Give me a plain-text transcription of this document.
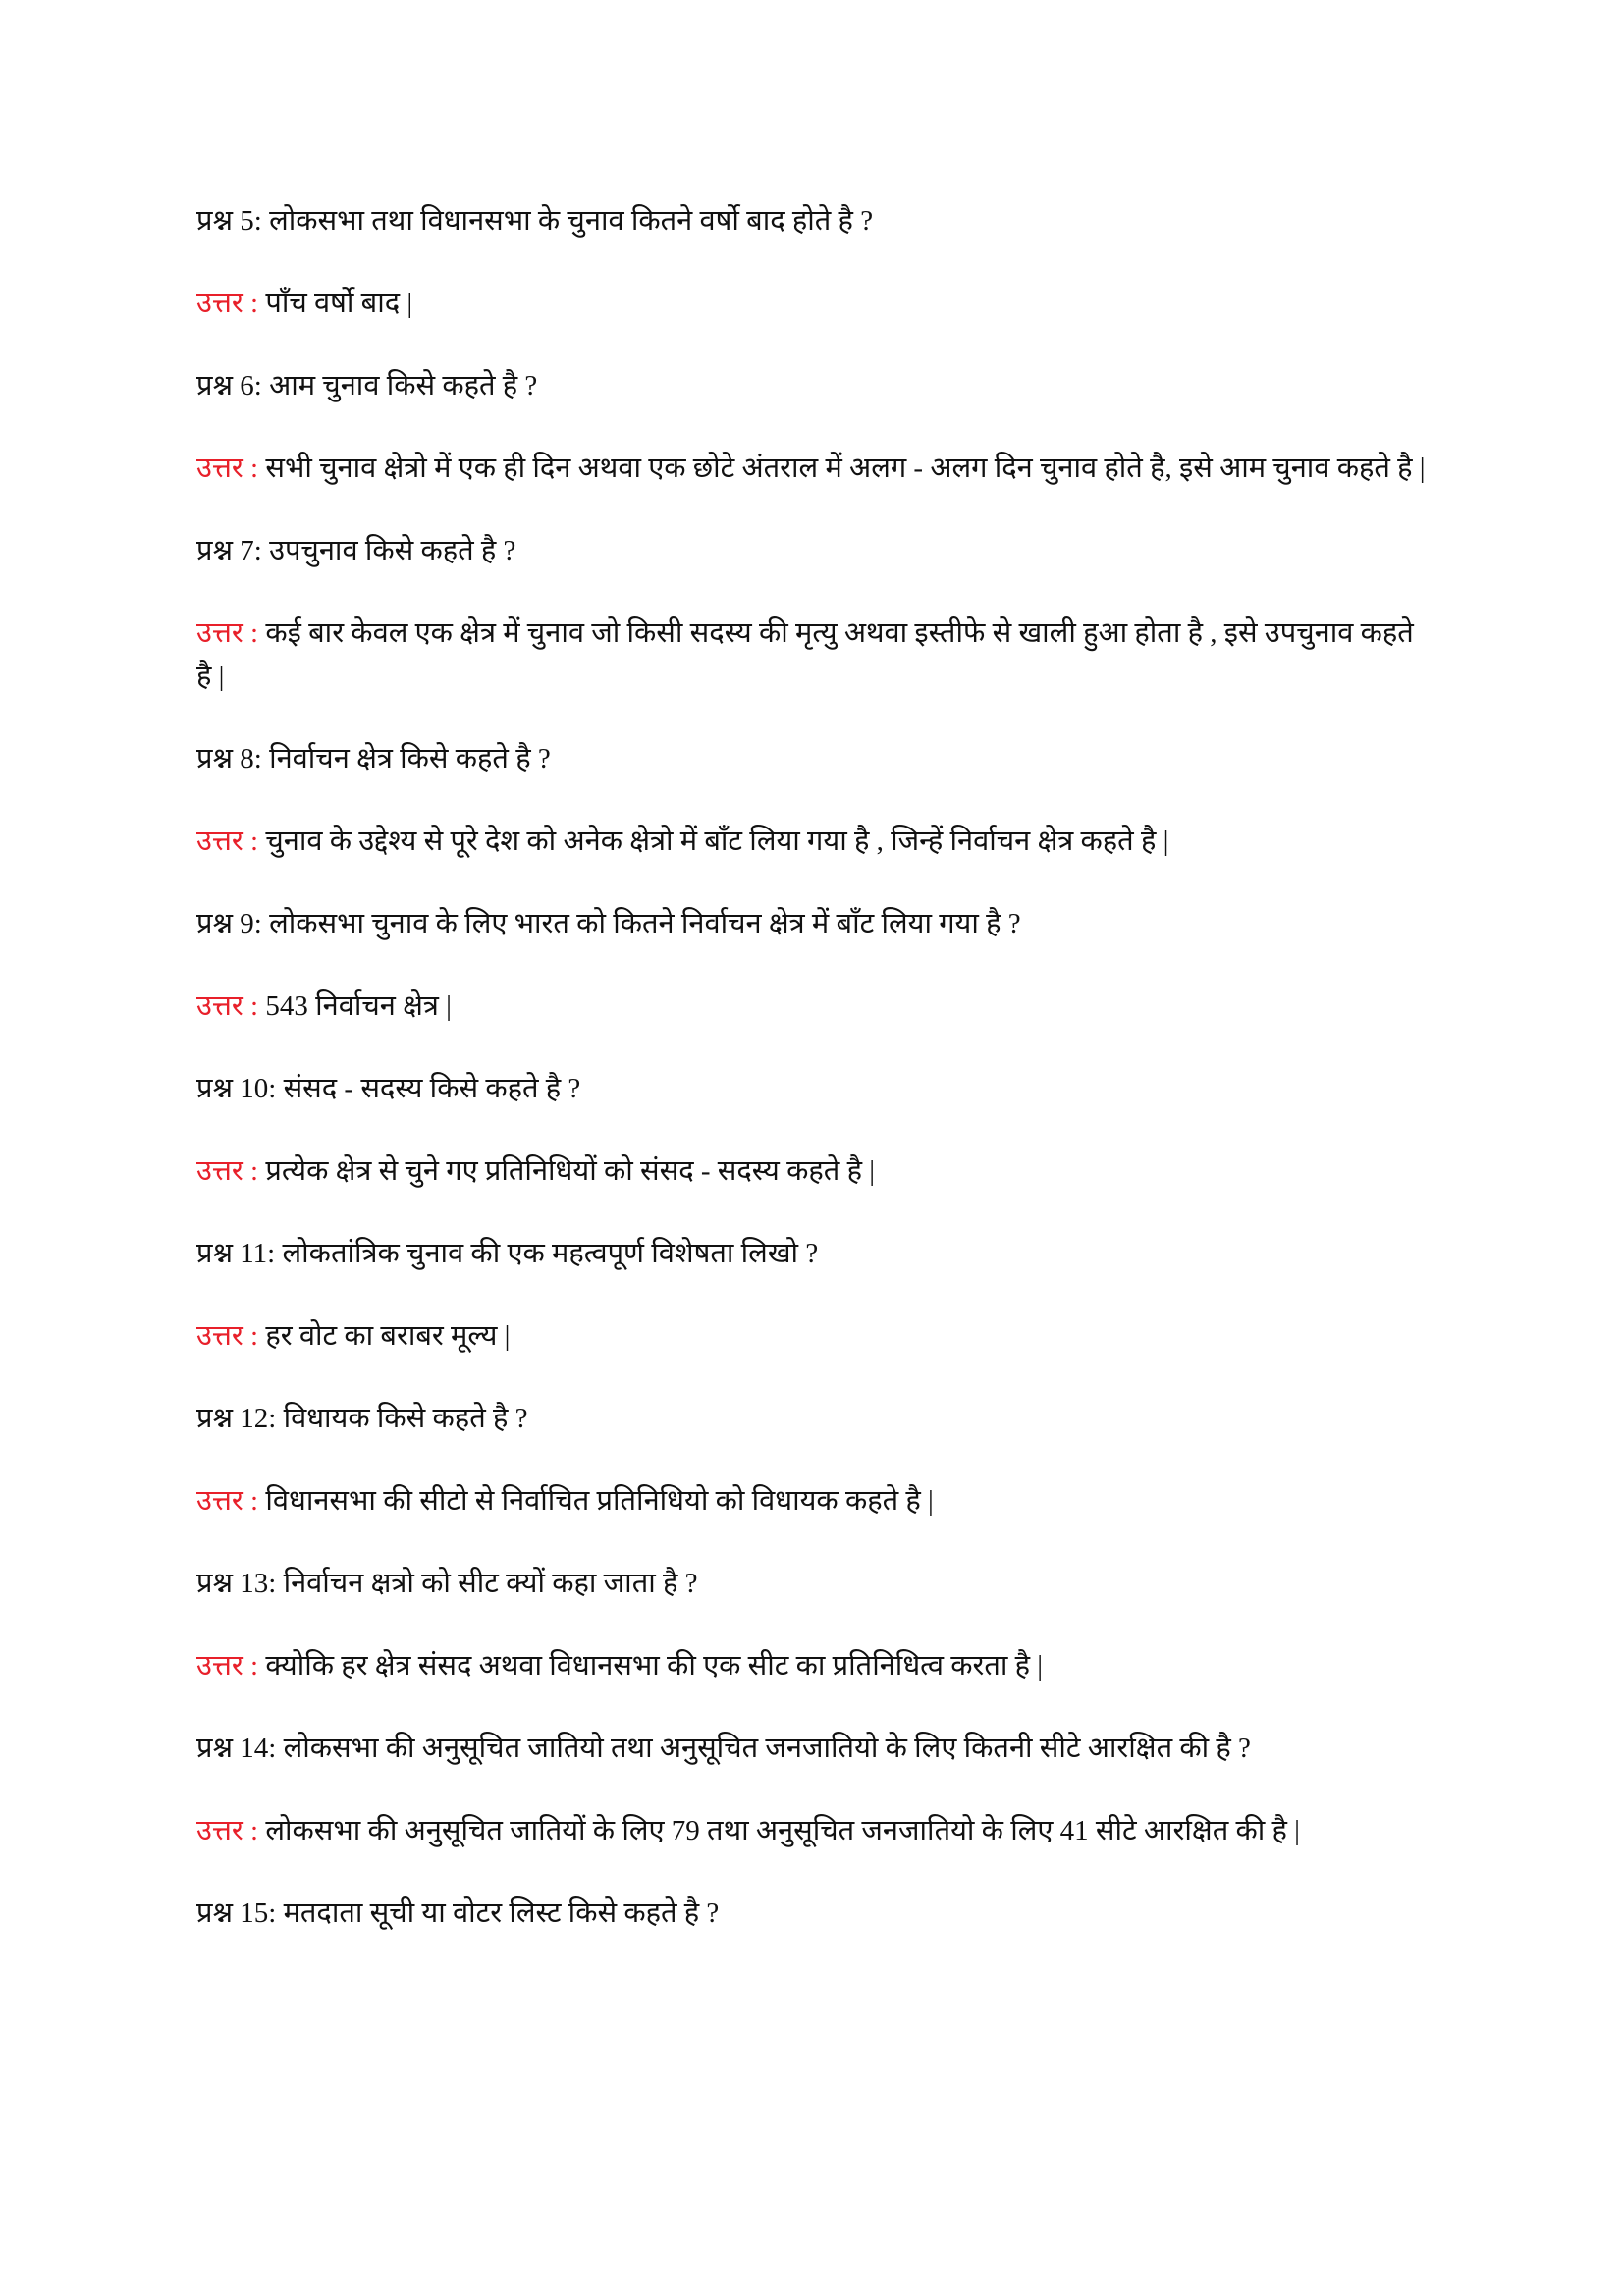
प्रश्न 5: लोकसभा तथा विधानसभा के चुनाव कितने वर्षो बाद होते है ?

उत्तर : पाँच वर्षो बाद |

प्रश्न 6: आम चुनाव किसे कहते है ?

उत्तर : सभी चुनाव क्षेत्रो में एक ही दिन अथवा एक छोटे अंतराल में अलग - अलग दिन चुनाव होते है, इसे आम चुनाव कहते है |

प्रश्न 7: उपचुनाव किसे कहते है ?

उत्तर : कई बार केवल एक क्षेत्र में चुनाव जो किसी सदस्य की मृत्यु अथवा इस्तीफे से खाली हुआ होता है , इसे उपचुनाव कहते है |

प्रश्न 8: निर्वाचन क्षेत्र किसे कहते है ?

उत्तर : चुनाव के उद्देश्य से पूरे देश को अनेक क्षेत्रो में बाँट लिया गया है , जिन्हें निर्वाचन क्षेत्र कहते है |

प्रश्न 9: लोकसभा चुनाव के लिए भारत को कितने निर्वाचन क्षेत्र में बाँट लिया गया है ?

उत्तर : 543 निर्वाचन क्षेत्र |

प्रश्न 10: संसद - सदस्य किसे कहते है ?

उत्तर : प्रत्येक क्षेत्र से चुने गए प्रतिनिधियों को संसद - सदस्य कहते है |

प्रश्न 11: लोकतांत्रिक चुनाव की एक महत्वपूर्ण विशेषता लिखो ?

उत्तर : हर वोट का बराबर मूल्य |

प्रश्न 12: विधायक किसे कहते है ?

उत्तर : विधानसभा की सीटो से निर्वाचित प्रतिनिधियो को विधायक कहते है |

प्रश्न 13: निर्वाचन क्षत्रो को सीट क्यों कहा जाता है ?

उत्तर : क्योकि हर क्षेत्र संसद अथवा विधानसभा की एक सीट का प्रतिनिधित्व करता है |

प्रश्न 14: लोकसभा की अनुसूचित जातियो तथा अनुसूचित जनजातियो के लिए कितनी सीटे आरक्षित की है ?

उत्तर : लोकसभा की अनुसूचित जातियों के लिए 79 तथा अनुसूचित जनजातियो के लिए 41 सीटे आरक्षित की है |

प्रश्न 15: मतदाता सूची या वोटर लिस्ट किसे कहते है ?
